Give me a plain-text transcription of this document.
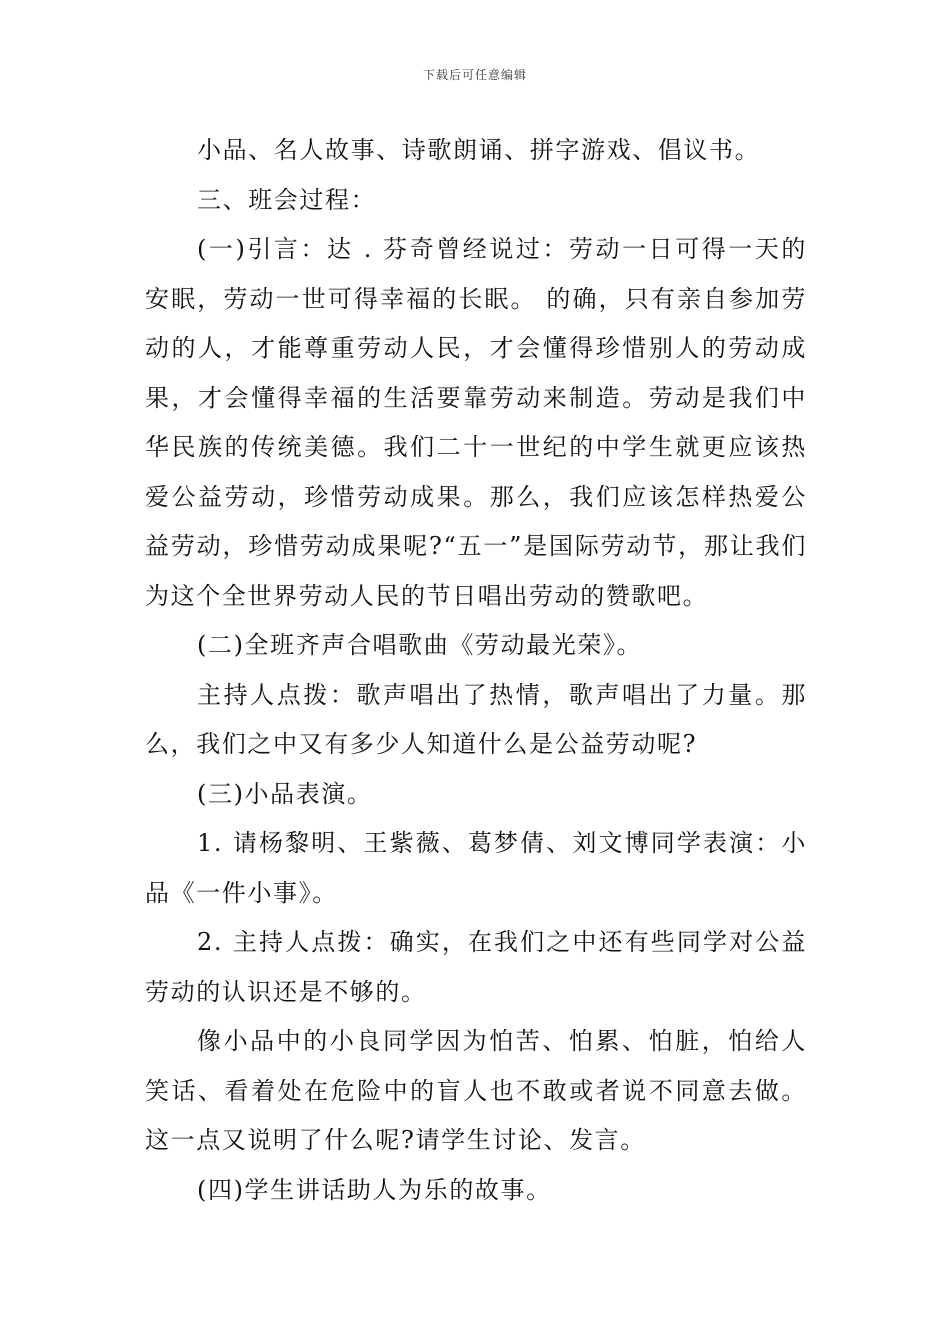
下载后可任意编辑

小品、名人故事、诗歌朗诵、拼字游戏、倡议书。

三、班会过程：

(一)引言：达 . 芬奇曾经说过：劳动一日可得一天的安眠，劳动一世可得幸福的长眠。 的确，只有亲自参加劳动的人，才能尊重劳动人民，才会懂得珍惜别人的劳动成果，才会懂得幸福的生活要靠劳动来制造。劳动是我们中华民族的传统美德。我们二十一世纪的中学生就更应该热爱公益劳动，珍惜劳动成果。那么，我们应该怎样热爱公益劳动，珍惜劳动成果呢?“五一”是国际劳动节，那让我们为这个全世界劳动人民的节日唱出劳动的赞歌吧。

(二)全班齐声合唱歌曲《劳动最光荣》。

主持人点拨：歌声唱出了热情，歌声唱出了力量。那么，我们之中又有多少人知道什么是公益劳动呢?

(三)小品表演。

1. 请杨黎明、王紫薇、葛梦倩、刘文博同学表演：小品《一件小事》。

2. 主持人点拨：确实，在我们之中还有些同学对公益劳动的认识还是不够的。

像小品中的小良同学因为怕苦、怕累、怕脏，怕给人笑话、看着处在危险中的盲人也不敢或者说不同意去做。这一点又说明了什么呢?请学生讨论、发言。

(四)学生讲话助人为乐的故事。
